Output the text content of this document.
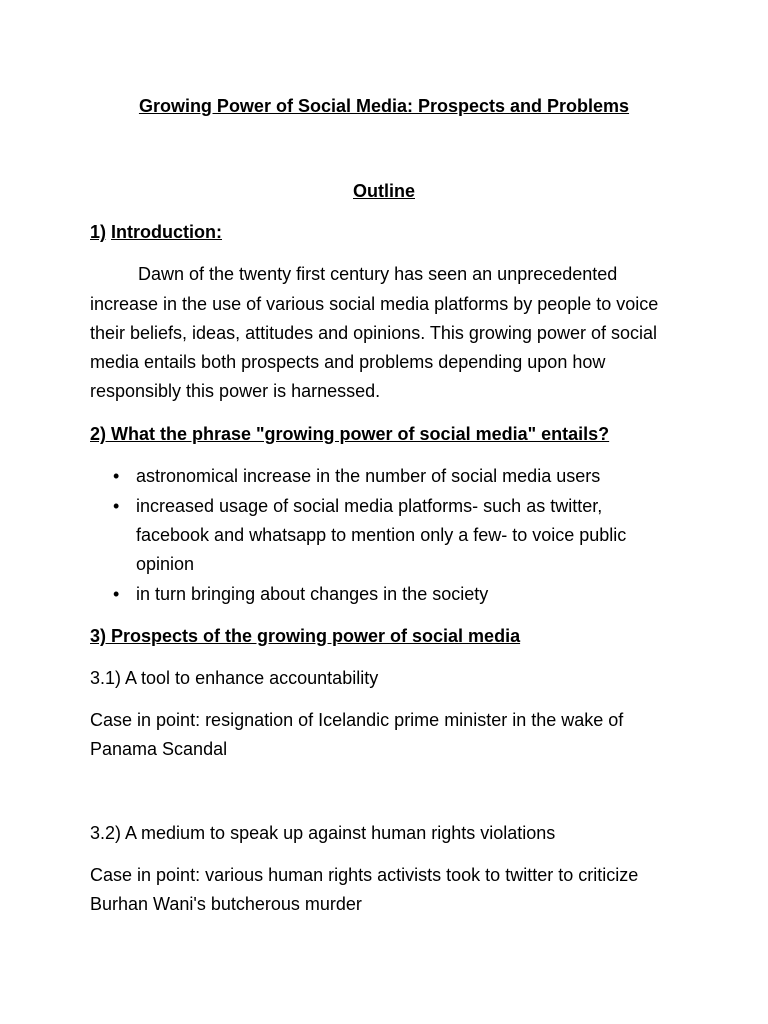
Growing Power of Social Media: Prospects and Problems
Outline
1) Introduction:
Dawn of the twenty first century has seen an unprecedented
increase in the use of various social media platforms by people to voice
their beliefs, ideas, attitudes and opinions. This growing power of social
media entails both prospects and problems depending upon how
responsibly this power is harnessed.
2) What the phrase "growing power of social media" entails?
• astronomical increase in the number of social media users
• increased usage of social media platforms- such as twitter,
facebook and whatsapp to mention only a few- to voice public
opinion
• in turn bringing about changes in the society
3) Prospects of the growing power of social media
3.1) A tool to enhance accountability
Case in point: resignation of Icelandic prime minister in the wake of
Panama Scandal
3.2) A medium to speak up against human rights violations
Case in point: various human rights activists took to twitter to criticize
Burhan Wani's butcherous murder
